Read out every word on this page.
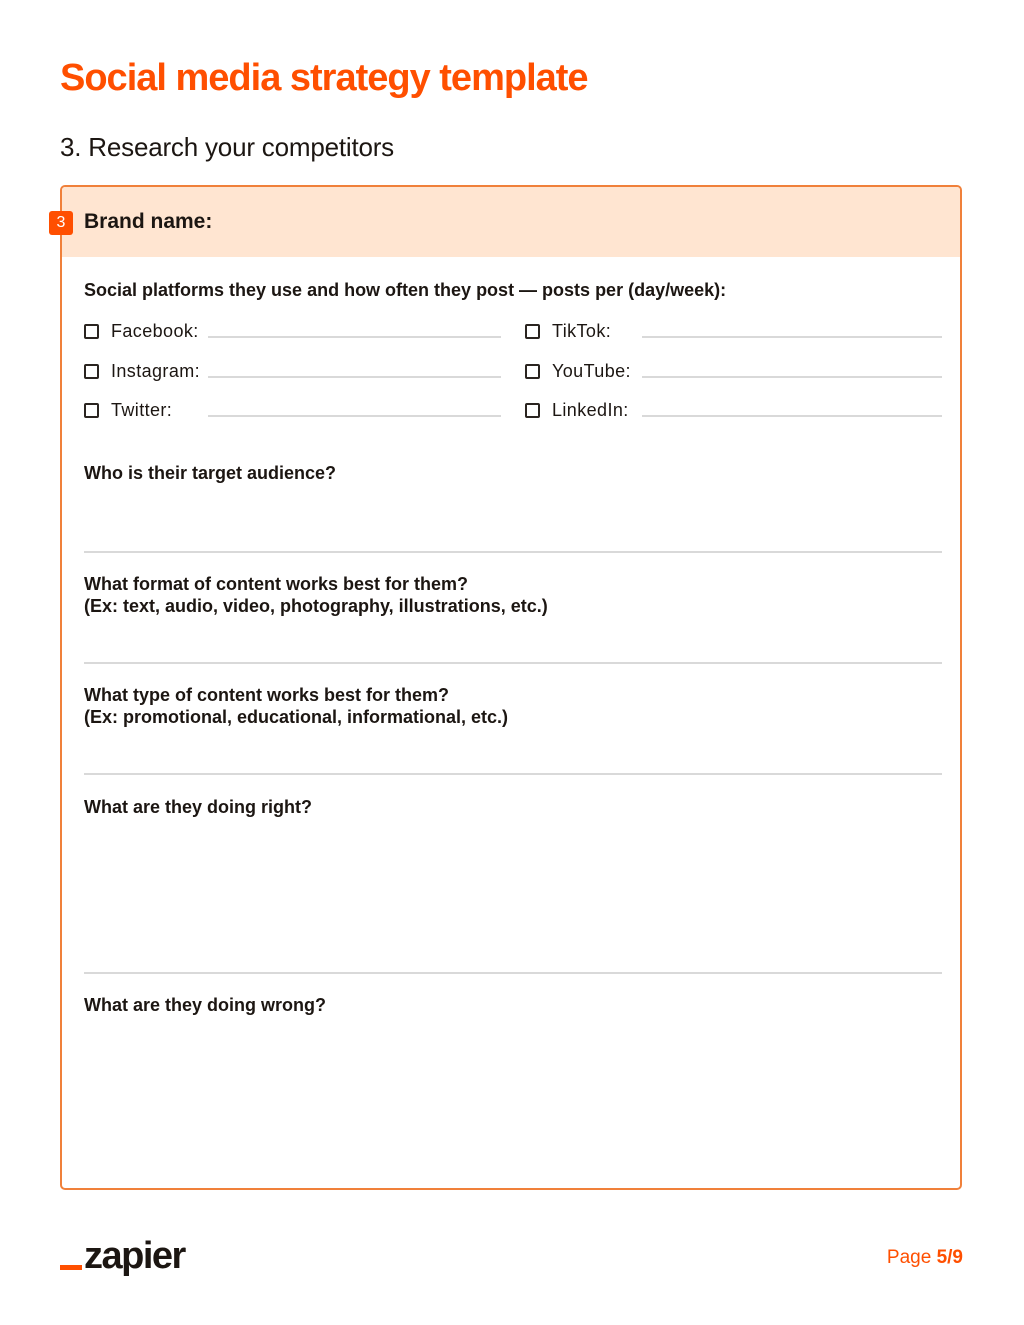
Social media strategy template
3. Research your competitors
3 Brand name:
Social platforms they use and how often they post — posts per (day/week):
Facebook:	TikTok:
Instagram:	YouTube:
Twitter:	LinkedIn:
Who is their target audience?
What format of content works best for them?
(Ex: text, audio, video, photography, illustrations, etc.)
What type of content works best for them?
(Ex: promotional, educational, informational, etc.)
What are they doing right?
What are they doing wrong?
zapier	Page 5/9
